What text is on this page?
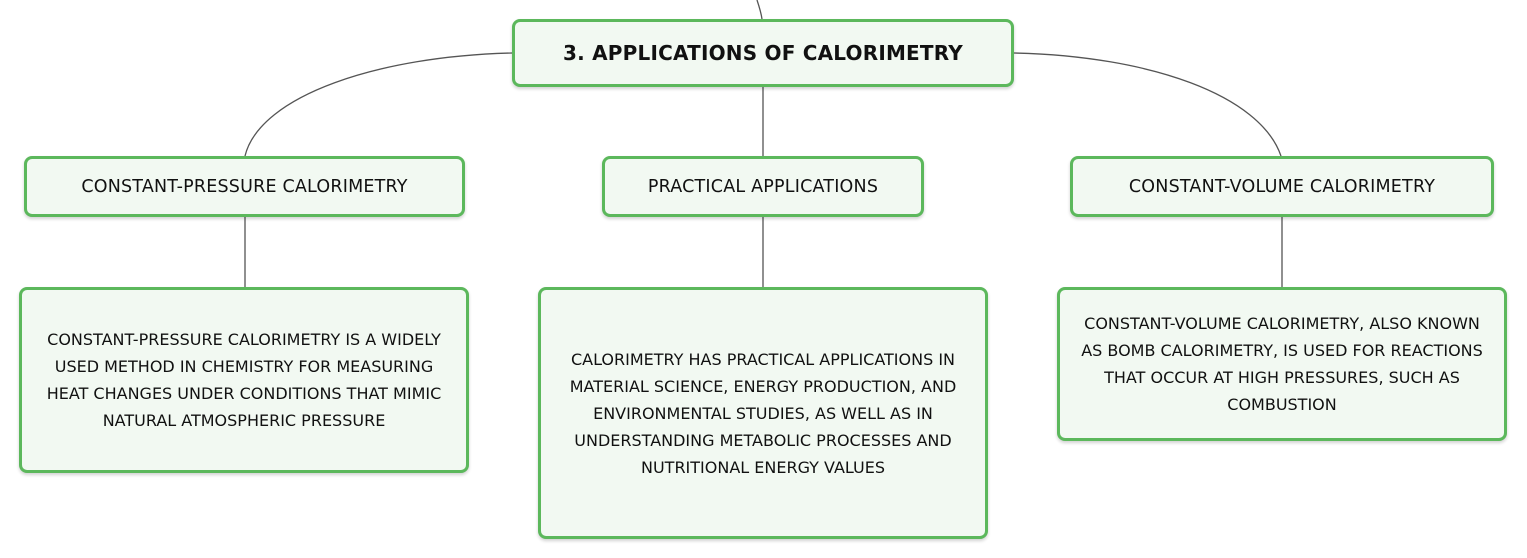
3. APPLICATIONS OF CALORIMETRY
CONSTANT-PRESSURE CALORIMETRY	PRACTICAL APPLICATIONS	CONSTANT-VOLUME CALORIMETRY
CONSTANT-PRESSURE CALORIMETRY IS A WIDELY USED METHOD IN CHEMISTRY FOR MEASURING HEAT CHANGES UNDER CONDITIONS THAT MIMIC NATURAL ATMOSPHERIC PRESSURE
CALORIMETRY HAS PRACTICAL APPLICATIONS IN MATERIAL SCIENCE, ENERGY PRODUCTION, AND ENVIRONMENTAL STUDIES, AS WELL AS IN UNDERSTANDING METABOLIC PROCESSES AND NUTRITIONAL ENERGY VALUES
CONSTANT-VOLUME CALORIMETRY, ALSO KNOWN AS BOMB CALORIMETRY, IS USED FOR REACTIONS THAT OCCUR AT HIGH PRESSURES, SUCH AS COMBUSTION
